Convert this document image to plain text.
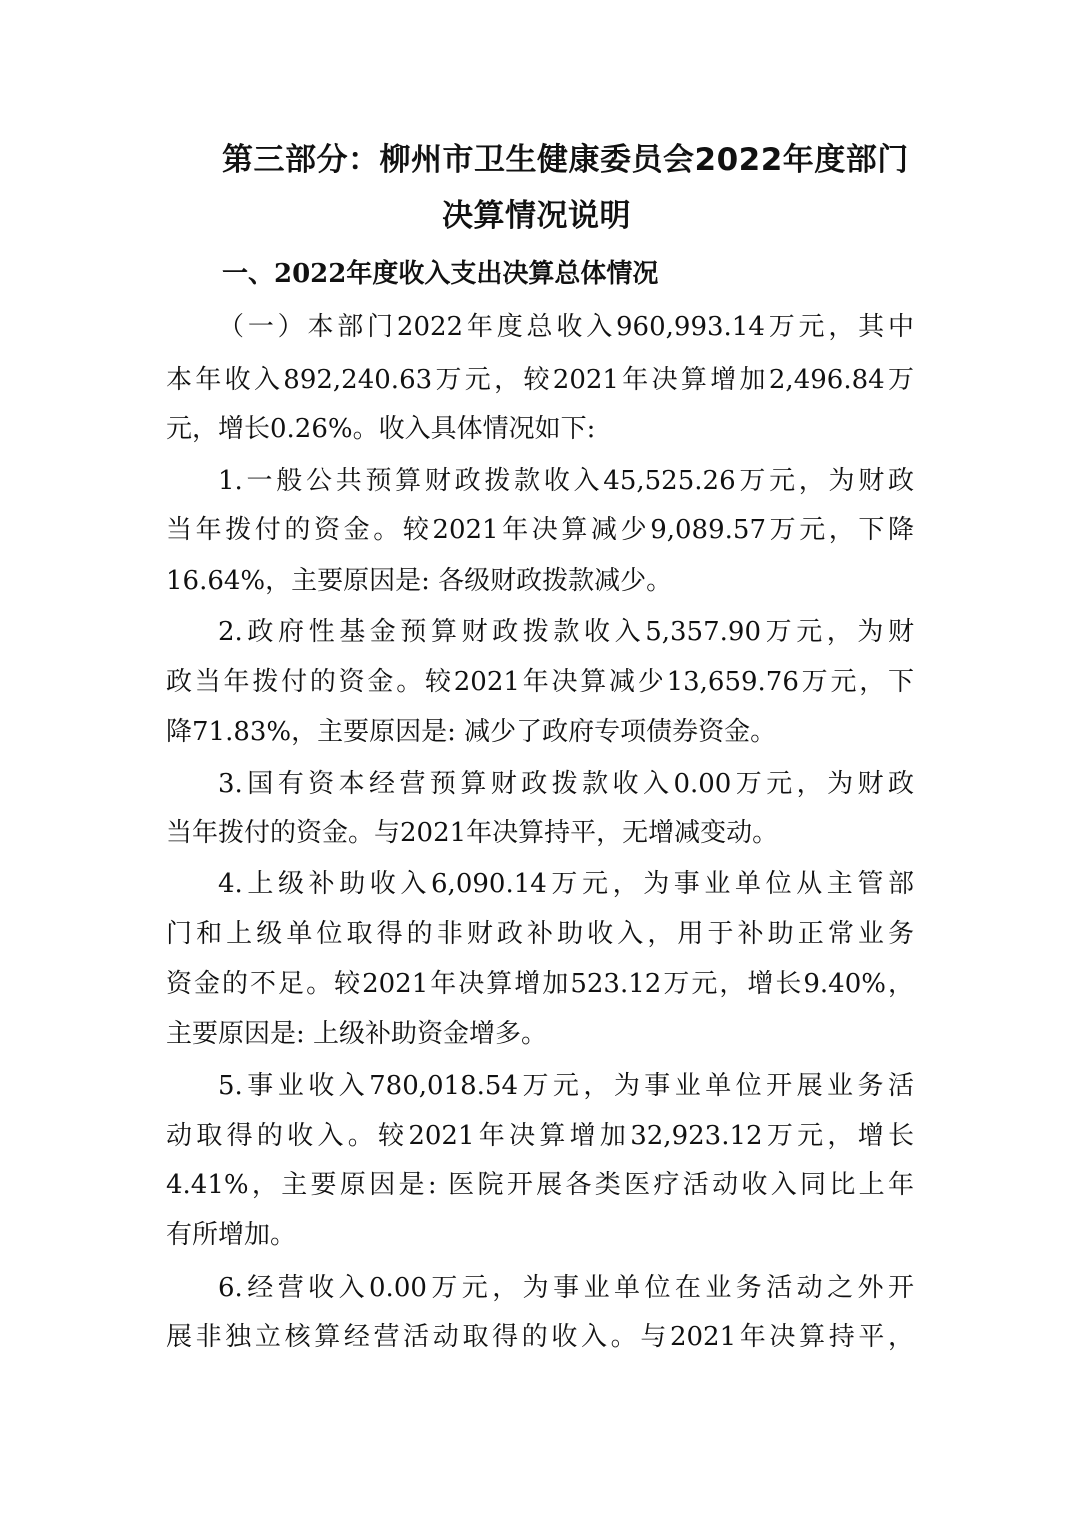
第三部分：柳州市卫生健康委员会2022年度部门
决算情况说明
一、2022年度收入支出决算总体情况
（一）本部门2022年度总收入960,993.14万元，其中
本年收入892,240.63万元，较2021年决算增加2,496.84万
元，增长0.26%。收入具体情况如下:
1.一般公共预算财政拨款收入45,525.26万元，为财政
当年拨付的资金。较2021年决算减少9,089.57万元，下降
16.64%，主要原因是: 各级财政拨款减少。
2.政府性基金预算财政拨款收入5,357.90万元，为财
政当年拨付的资金。较2021年决算减少13,659.76万元，下
降71.83%，主要原因是: 减少了政府专项债券资金。
3.国有资本经营预算财政拨款收入0.00万元，为财政
当年拨付的资金。与2021年决算持平，无增减变动。
4.上级补助收入6,090.14万元，为事业单位从主管部
门和上级单位取得的非财政补助收入，用于补助正常业务
资金的不足。较2021年决算增加523.12万元，增长9.40%，
主要原因是: 上级补助资金增多。
5.事业收入780,018.54万元，为事业单位开展业务活
动取得的收入。较2021年决算增加32,923.12万元，增长
4.41%，主要原因是: 医院开展各类医疗活动收入同比上年
有所增加。
6.经营收入0.00万元，为事业单位在业务活动之外开
展非独立核算经营活动取得的收入。与2021年决算持平，
